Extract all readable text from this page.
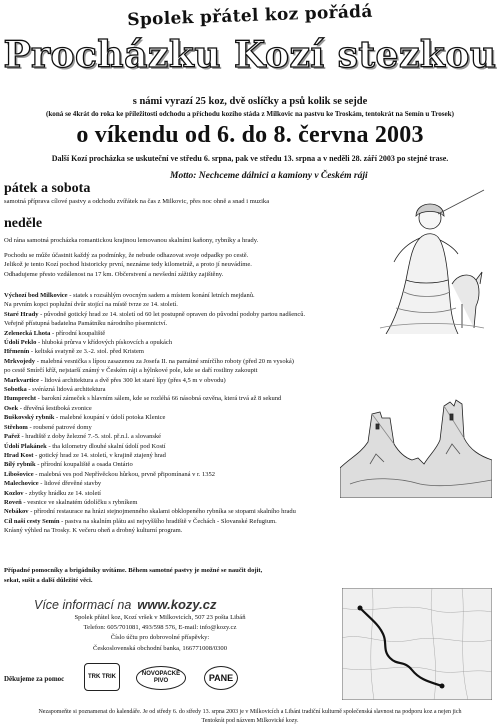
Spolek přátel koz pořádá
Procházku Kozí stezkou
s námi vyrazí 25 koz, dvě oslíčky a psů kolik se sejde
(koná se 4krát do roka ke příležitosti odchodu a příchodu kozího stáda z Milkovic na pastvu ke Troskám, tentokrát na Semín u Trosek)
o víkendu od 6. do 8. června 2003
Další Kozí procházka se uskuteční ve středu 6. srpna, pak ve středu 13. srpna a v neděli 28. září 2003 po stejné trase.
Motto: Nechceme dálnici a kamiony v Českém ráji
pátek a sobota
samotná příprava cílové pastvy a odchodu zvířátek na čas z Milkovic, přes noc ohně a snad i muzika
neděle
Od rána samotná procházka romantickou krajinou lemovanou skalními kaňony, rybníky a hrady.
Pochodu se může účastnit každý za podmínky, že nebude odhazovat svoje odpadky po cestě.
Jelikož je tento Kozí pochod historicky první, neznáme tedy kilometráž, a proto jí neuvádíme.
Odhadujeme přesto vzdálenost na 17 km. Občerstvení a nevšední zážitky zajištěny.
Výchozí bod Milkovice - statek s rozsáhlým ovocným sadem a místem konání letních mejdanů.
Na prvním kopci poplužní dvůr stojící na místě tvrze ze 14. století.
Staré Hrady - původně gotický hrad ze 14. století od 60 let postupně opraven do původní podoby partou nadšenců.
Veřejně přístupná badatelna Památníku národního písemnictví.
Zelenecká Lhota - přírodní koupaliště
Údolí Peklo - hluboká průrva v křídových pískovcích a opukách
Hřmenín - keltská svatyně ze 3.-2. stol. před Kristem
Mrkvojedy - malebná vesnička s lípou zasazenou za Josefa II. na památné smírčího roboty (před 20 m vysoká)
po cestě Smírčí kříž, nejstarší známý v Českém ráji a hýlnkové pole, kde se daří rostliny zakoupit
Markvartice - lidová architektura a dvě přes 300 let staré lípy (přes 4,5 m v obvodu)
Sobotka - svérázná lidová architektura
Humprecht - barokní zámeček s hlavním sálem, kde se rozléhá 66 násobná ozvěna, která trvá až 8 sekund
Osek - dřevěná šestiboká zvonice
Buškovský rybník - malebné koupání v údolí potoka Klenice
Střehom - roubené patrové domy
Pařež - hradiště z doby železné 7.-5. stol. př.n.l. a slovanské
Údolí Plakánek - tha kilometry dlouhé skalní údolí pod Kostí
Hrad Kost - gotický hrad ze 14. století, v krajině ztajený hrad
Bílý rybník - přírodní koupaliště a osada Ontário
Libošovice - malebná ves pod Nepřívěckou hůrkou, prvně připomínaná v r. 1352
Malechovice - lidové dřevěné stavby
Kozlov - zbytky hrádku ze 14. století
Roveň - vesnice ve skalnatém údolíčku s rybníkem
Nebákov - přírodní restaurace na hrázi stejnojmenného skalami obklopeného rybníka se stopami skalního hradu
Cíl naší cesty Semín - pastva na skalním plátu asi nejvyššího hradiště v Čechách - Slovanské Refugium.
Krásný výhled na Trosky. K večeru oheň a drobný kulturní program.
Případné pomocníky a brigádníky uvítáme. Během samotné pastvy je možné se naučit dojit,
sekat, sušit a další důležité věci.
Více informací na www.kozy.cz
Spolek přátel koz, Kozí vršek v Milkovicích, 507 23 pošta Libáň
Telefon: 605/701081, 493/598 576, E-mail: info@kozy.cz
Číslo účtu pro dobrovolné příspěvky:
Československá obchodní banka, 166771008/0300
Děkujeme za pomoc	TRK TRIK	NOVOPACKÉ PIVO	PANE
Nezapomeňte si poznamenat do kalendáře. Je od středy 6. do středy 13. srpna 2003 je v Milkovicích a Libáni tradiční kulturně společenská slavnost na podporu koz a nejen jich
Tentokrát pod názvem Milkovické kozy.
